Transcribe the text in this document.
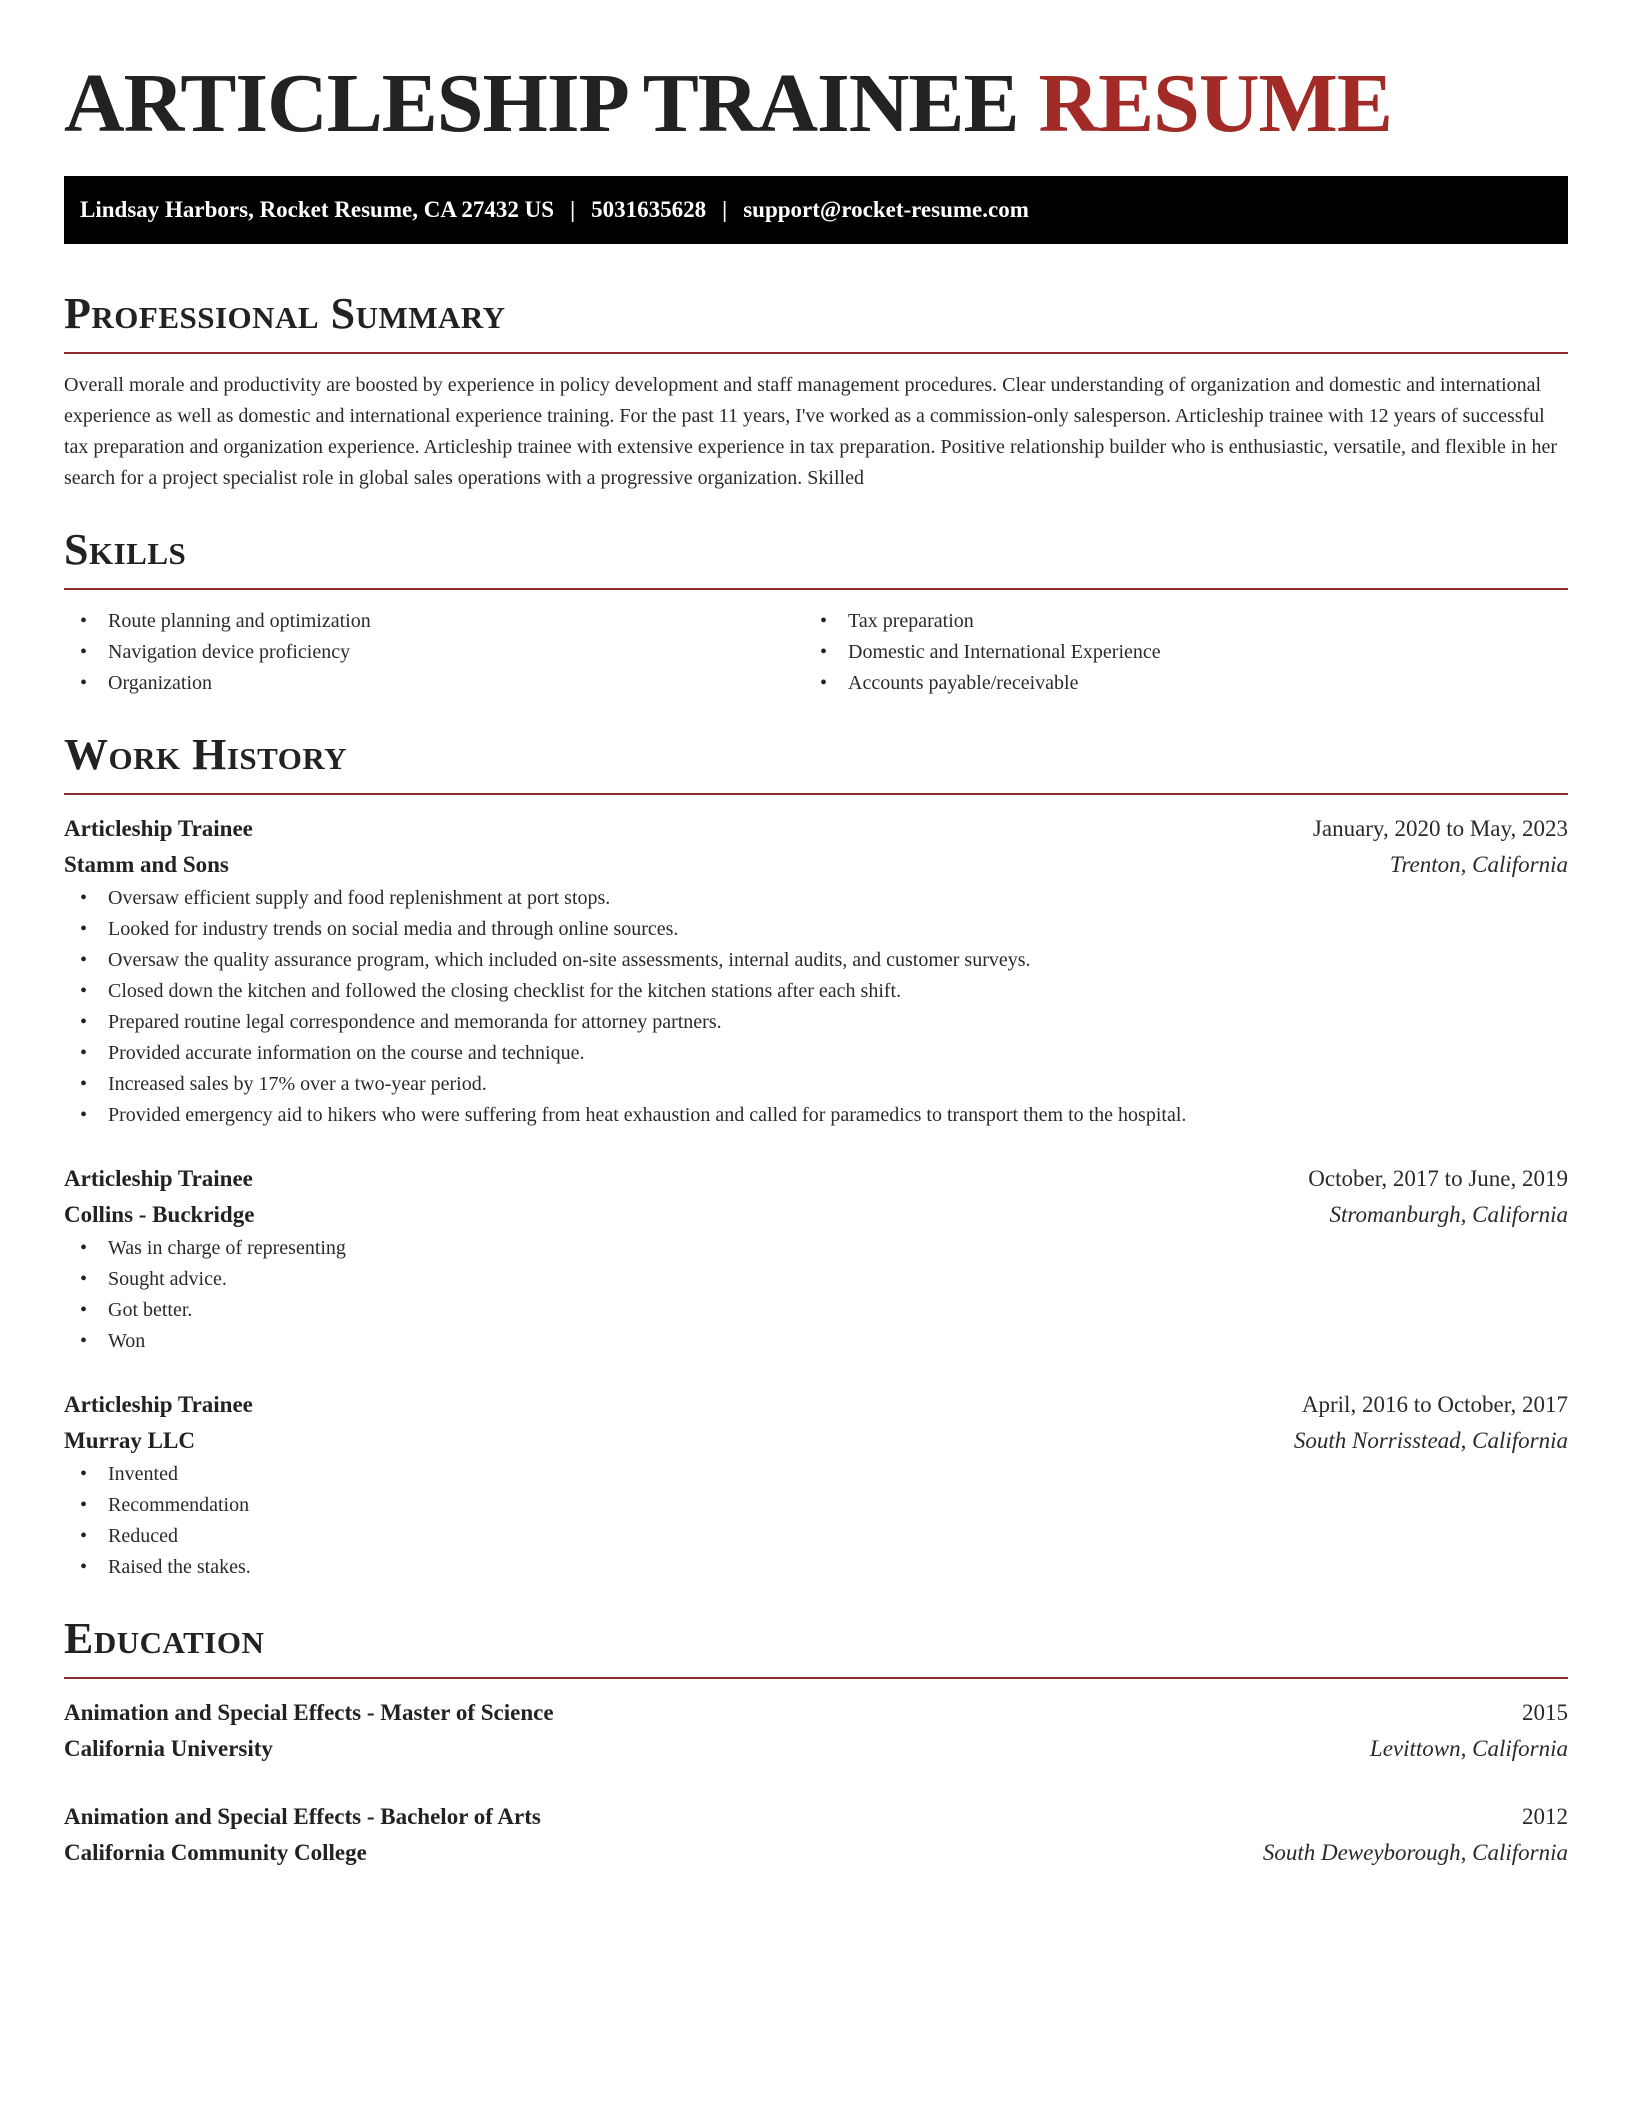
ARTICLESHIP TRAINEE RESUME
Lindsay Harbors, Rocket Resume, CA 27432 US | 5031635628 | support@rocket-resume.com
Professional Summary

Overall morale and productivity are boosted by experience in policy development and staff management procedures. Clear understanding of organization and domestic and international experience as well as domestic and international experience training. For the past 11 years, I've worked as a commission-only salesperson. Articleship trainee with 12 years of successful tax preparation and organization experience. Articleship trainee with extensive experience in tax preparation. Positive relationship builder who is enthusiastic, versatile, and flexible in her search for a project specialist role in global sales operations with a progressive organization. Skilled

Skills
• Route planning and optimization
• Navigation device proficiency
• Organization
• Tax preparation
• Domestic and International Experience
• Accounts payable/receivable
Work History
Articleship Trainee	January, 2020 to May, 2023
Stamm and Sons	Trenton, California
• Oversaw efficient supply and food replenishment at port stops.
• Looked for industry trends on social media and through online sources.
• Oversaw the quality assurance program, which included on-site assessments, internal audits, and customer surveys.
• Closed down the kitchen and followed the closing checklist for the kitchen stations after each shift.
• Prepared routine legal correspondence and memoranda for attorney partners.
• Provided accurate information on the course and technique.
• Increased sales by 17% over a two-year period.
• Provided emergency aid to hikers who were suffering from heat exhaustion and called for paramedics to transport them to the hospital.
Articleship Trainee	October, 2017 to June, 2019
Collins - Buckridge	Stromanburgh, California
• Was in charge of representing
• Sought advice.
• Got better.
• Won
Articleship Trainee	April, 2016 to October, 2017
Murray LLC	South Norrisstead, California
• Invented
• Recommendation
• Reduced
• Raised the stakes.
Education
Animation and Special Effects - Master of Science	2015
California University	Levittown, California
Animation and Special Effects - Bachelor of Arts	2012
California Community College	South Deweyborough, California
